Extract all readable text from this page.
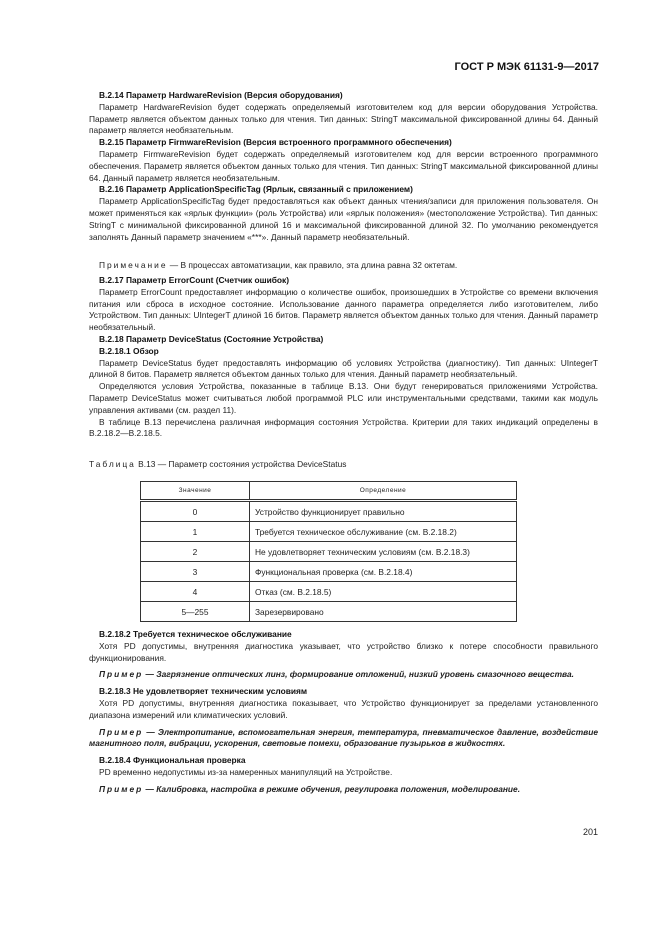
ГОСТ Р МЭК 61131-9—2017
B.2.14 Параметр HardwareRevision (Версия оборудования)
Параметр HardwareRevision будет содержать определяемый изготовителем код для версии оборудования Устройства. Параметр является объектом данных только для чтения. Тип данных: StringT максимальной фиксированной длины 64. Данный параметр является необязательным.
B.2.15 Параметр FirmwareRevision (Версия встроенного программного обеспечения)
Параметр FirmwareRevision будет содержать определяемый изготовителем код для версии встроенного программного обеспечения. Параметр является объектом данных только для чтения. Тип данных: StringT максимальной фиксированной длины 64. Данный параметр является необязательным.
B.2.16 Параметр ApplicationSpecificTag (Ярлык, связанный с приложением)
Параметр ApplicationSpecificTag будет предоставляться как объект данных чтения/записи для приложения пользователя. Он может применяться как «ярлык функции» (роль Устройства) или «ярлык положения» (местоположение Устройства). Тип данных: StringT с минимальной фиксированной длиной 16 и максимальной фиксированной длиной 32. По умолчанию рекомендуется заполнять Данный параметр значением «***». Данный параметр необязательный.
Примечание — В процессах автоматизации, как правило, эта длина равна 32 октетам.
B.2.17 Параметр ErrorCount (Счетчик ошибок)
Параметр ErrorCount предоставляет информацию о количестве ошибок, произошедших в Устройстве со времени включения питания или сброса в исходное состояние. Использование данного параметра определяется либо изготовителем, либо Устройством. Тип данных: UIntegerT длиной 16 битов. Параметр является объектом данных только для чтения. Данный параметр необязательный.
B.2.18 Параметр DeviceStatus (Состояние Устройства)
B.2.18.1 Обзор
Параметр DeviceStatus будет предоставлять информацию об условиях Устройства (диагностику). Тип данных: UIntegerT длиной 8 битов. Параметр является объектом данных только для чтения. Данный параметр необязательный.
Определяются условия Устройства, показанные в таблице B.13. Они будут генерироваться приложениями Устройства. Параметр DeviceStatus может считываться любой программой PLC или инструментальными средствами, такими как модуль управления активами (см. раздел 11).
В таблице B.13 перечислена различная информация состояния Устройства. Критерии для таких индикаций определены в B.2.18.2—B.2.18.5.
Таблица B.13 — Параметр состояния устройства DeviceStatus
Значение	Определение
0	Устройство функционирует правильно
1	Требуется техническое обслуживание (см. B.2.18.2)
2	Не удовлетворяет техническим условиям (см. B.2.18.3)
3	Функциональная проверка (см. B.2.18.4)
4	Отказ (см. B.2.18.5)
5—255	Зарезервировано
B.2.18.2 Требуется техническое обслуживание
Хотя PD допустимы, внутренняя диагностика указывает, что устройство близко к потере способности правильного функционирования.
Пример — Загрязнение оптических линз, формирование отложений, низкий уровень смазочного вещества.
B.2.18.3 Не удовлетворяет техническим условиям
Хотя PD допустимы, внутренняя диагностика показывает, что Устройство функционирует за пределами установленного диапазона измерений или климатических условий.
Пример — Электропитание, вспомогательная энергия, температура, пневматическое давление, воздействие магнитного поля, вибрации, ускорения, световые помехи, образование пузырьков в жидкостях.
B.2.18.4 Функциональная проверка
PD временно недопустимы из-за намеренных манипуляций на Устройстве.
Пример — Калибровка, настройка в режиме обучения, регулировка положения, моделирование.
201
